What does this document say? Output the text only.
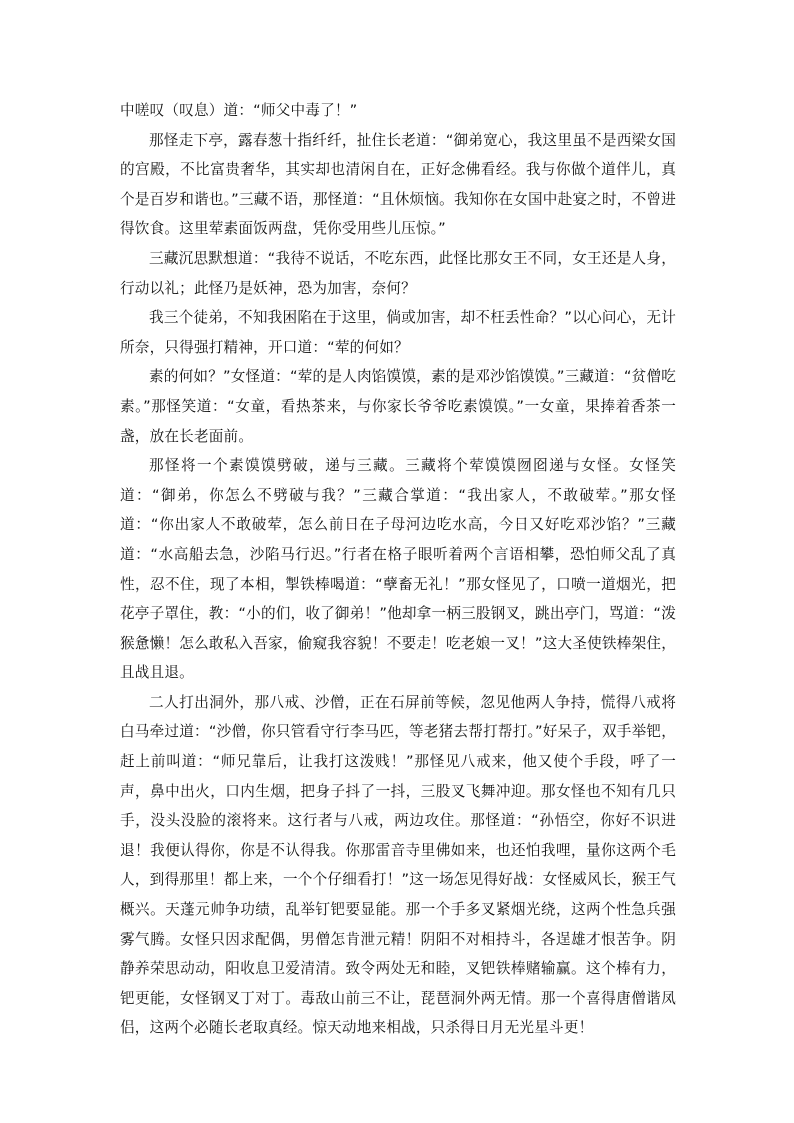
中嗟叹（叹息）道：“师父中毒了！”

那怪走下亭，露春葱十指纤纤，扯住长老道：“御弟宽心，我这里虽不是西梁女国的宫殿，不比富贵奢华，其实却也清闲自在，正好念佛看经。我与你做个道伴儿，真个是百岁和谐也。”三藏不语，那怪道：“且休烦恼。我知你在女国中赴宴之时，不曾进得饮食。这里荤素面饭两盘，凭你受用些儿压惊。”

三藏沉思默想道：“我待不说话，不吃东西，此怪比那女王不同，女王还是人身，行动以礼；此怪乃是妖神，恐为加害，奈何？

我三个徒弟，不知我困陷在于这里，倘或加害，却不枉丢性命？”以心问心，无计所奈，只得强打精神，开口道：“荤的何如？

素的何如？”女怪道：“荤的是人肉馅馍馍，素的是邓沙馅馍馍。”三藏道：“贫僧吃素。”那怪笑道：“女童，看热茶来，与你家长爷爷吃素馍馍。”一女童，果捧着香茶一盏，放在长老面前。

那怪将一个素馍馍劈破，递与三藏。三藏将个荤馍馍囫囵递与女怪。女怪笑道：“御弟，你怎么不劈破与我？”三藏合掌道：“我出家人，不敢破荤。”那女怪道：“你出家人不敢破荤，怎么前日在子母河边吃水高，今日又好吃邓沙馅？”三藏道：“水高船去急，沙陷马行迟。”行者在格子眼听着两个言语相攀，恐怕师父乱了真性，忍不住，现了本相，掣铁棒喝道：“孽畜无礼！”那女怪见了，口喷一道烟光，把花亭子罩住，教：“小的们，收了御弟！”他却拿一柄三股钢叉，跳出亭门，骂道：“泼猴惫懒！怎么敢私入吾家，偷窥我容貌！不要走！吃老娘一叉！”这大圣使铁棒架住，且战且退。

二人打出洞外，那八戒、沙僧，正在石屏前等候，忽见他两人争持，慌得八戒将白马牵过道：“沙僧，你只管看守行李马匹，等老猪去帮打帮打。”好呆子，双手举钯，赶上前叫道：“师兄靠后，让我打这泼贱！”那怪见八戒来，他又使个手段，呼了一声，鼻中出火，口内生烟，把身子抖了一抖，三股叉飞舞冲迎。那女怪也不知有几只手，没头没脸的滚将来。这行者与八戒，两边攻住。那怪道：“孙悟空，你好不识进退！我便认得你，你是不认得我。你那雷音寺里佛如来，也还怕我哩，量你这两个毛人，到得那里！都上来，一个个仔细看打！”这一场怎见得好战：女怪威风长，猴王气概兴。天蓬元帅争功绩，乱举钉钯要显能。那一个手多叉紧烟光绕，这两个性急兵强雾气腾。女怪只因求配偶，男僧怎肯泄元精！阴阳不对相持斗，各逞雄才恨苦争。阴静养荣思动动，阳收息卫爱清清。致令两处无和睦，叉钯铁棒赌输赢。这个棒有力，钯更能，女怪钢叉丁对丁。毒敌山前三不让，琵琶洞外两无情。那一个喜得唐僧谐凤侣，这两个必随长老取真经。惊天动地来相战，只杀得日月无光星斗更！
